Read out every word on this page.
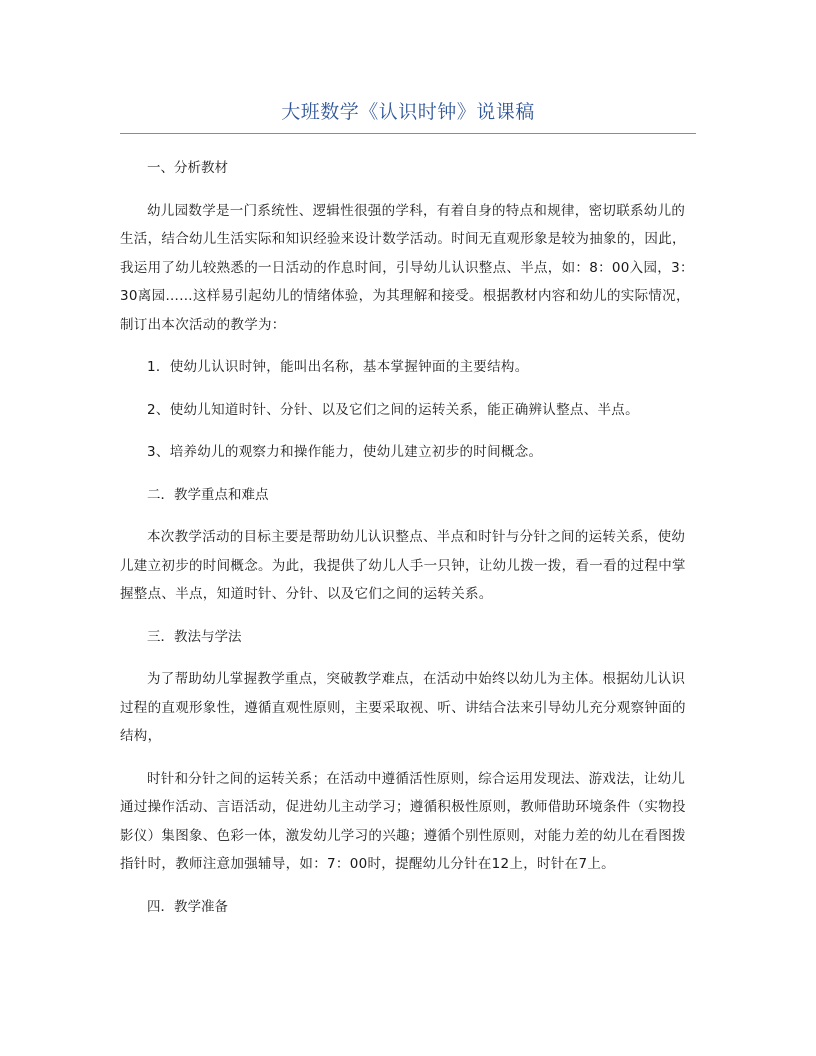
大班数学《认识时钟》说课稿

一、分析教材

幼儿园数学是一门系统性、逻辑性很强的学科，有着自身的特点和规律，密切联系幼儿的生活，结合幼儿生活实际和知识经验来设计数学活动。时间无直观形象是较为抽象的，因此，我运用了幼儿较熟悉的一日活动的作息时间，引导幼儿认识整点、半点，如：8：00入园，3：30离园……这样易引起幼儿的情绪体验，为其理解和接受。根据教材内容和幼儿的实际情况，制订出本次活动的教学为：

1．使幼儿认识时钟，能叫出名称，基本掌握钟面的主要结构。

2、使幼儿知道时针、分针、以及它们之间的运转关系，能正确辨认整点、半点。

3、培养幼儿的观察力和操作能力，使幼儿建立初步的时间概念。

二．教学重点和难点

本次教学活动的目标主要是帮助幼儿认识整点、半点和时针与分针之间的运转关系，使幼儿建立初步的时间概念。为此，我提供了幼儿人手一只钟，让幼儿拨一拨，看一看的过程中掌握整点、半点，知道时针、分针、以及它们之间的运转关系。

三．教法与学法

为了帮助幼儿掌握教学重点，突破教学难点，在活动中始终以幼儿为主体。根据幼儿认识过程的直观形象性，遵循直观性原则，主要采取视、听、讲结合法来引导幼儿充分观察钟面的结构，

时针和分针之间的运转关系；在活动中遵循活性原则，综合运用发现法、游戏法，让幼儿通过操作活动、言语活动，促进幼儿主动学习；遵循积极性原则，教师借助环境条件（实物投影仪）集图象、色彩一体，激发幼儿学习的兴趣；遵循个别性原则，对能力差的幼儿在看图拨指针时，教师注意加强辅导，如：7：00时，提醒幼儿分针在12上，时针在7上。

四．教学准备
